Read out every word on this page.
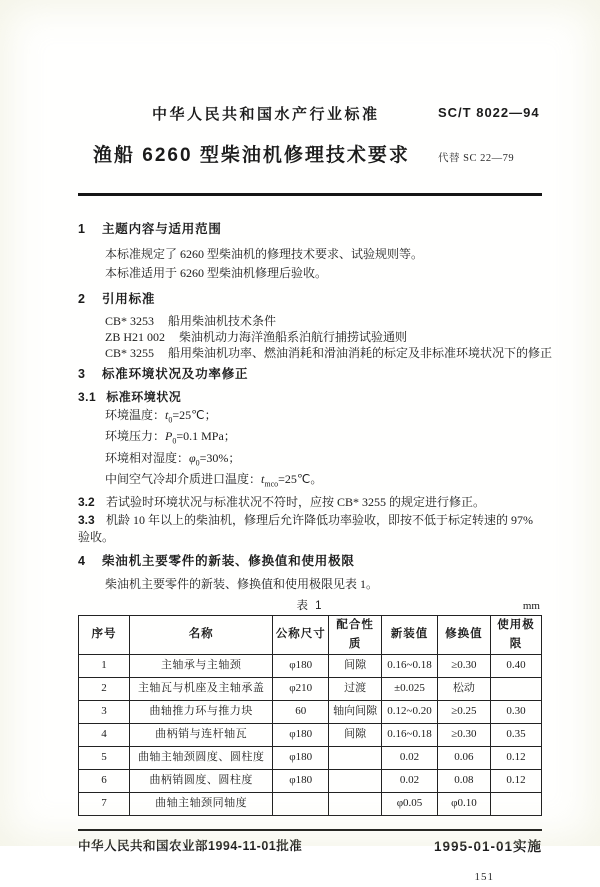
中华人民共和国水产行业标准	SC/T 8022—94
渔船 6260 型柴油机修理技术要求	代替 SC 22—79
1 主题内容与适用范围
本标准规定了 6260 型柴油机的修理技术要求、试验规则等。
本标准适用于 6260 型柴油机修理后验收。
2 引用标准
CB* 3253 船用柴油机技术条件
ZB H21 002 柴油机动力海洋渔船系泊航行捕捞试验通则
CB* 3255 船用柴油机功率、燃油消耗和滑油消耗的标定及非标准环境状况下的修正
3 标准环境状况及功率修正
3.1 标准环境状况
环境温度：$t_0=25℃$；
环境压力：$P_0=0.1$ MPa；
环境相对湿度：$\varphi_0=30\%$；
中间空气冷却介质进口温度：$t_{mco}=25℃$。
3.2 若试验时环境状况与标准状况不符时，应按 CB* 3255 的规定进行修正。
3.3 机龄 10 年以上的柴油机，修理后允许降低功率验收，即按不低于标定转速的 97%验收。
4 柴油机主要零件的新装、修换值和使用极限
柴油机主要零件的新装、修换值和使用极限见表 1。
表 1	mm
序号	名称	公称尺寸	配合性质	新装值	修换值	使用极限
1	主轴承与主轴颈	φ180	间隙	0.16~0.18	≥0.30	0.40
2	主轴瓦与机座及主轴承盖	φ210	过渡	±0.025	松动	
3	曲轴推力环与推力块	60	轴向间隙	0.12~0.20	≥0.25	0.30
4	曲柄销与连杆轴瓦	φ180	间隙	0.16~0.18	≥0.30	0.35
5	曲轴主轴颈圆度、圆柱度	φ180		0.02	0.06	0.12
6	曲柄销圆度、圆柱度	φ180		0.02	0.08	0.12
7	曲轴主轴颈同轴度			φ0.05	φ0.10	
中华人民共和国农业部1994-11-01批准	1995-01-01实施
151
